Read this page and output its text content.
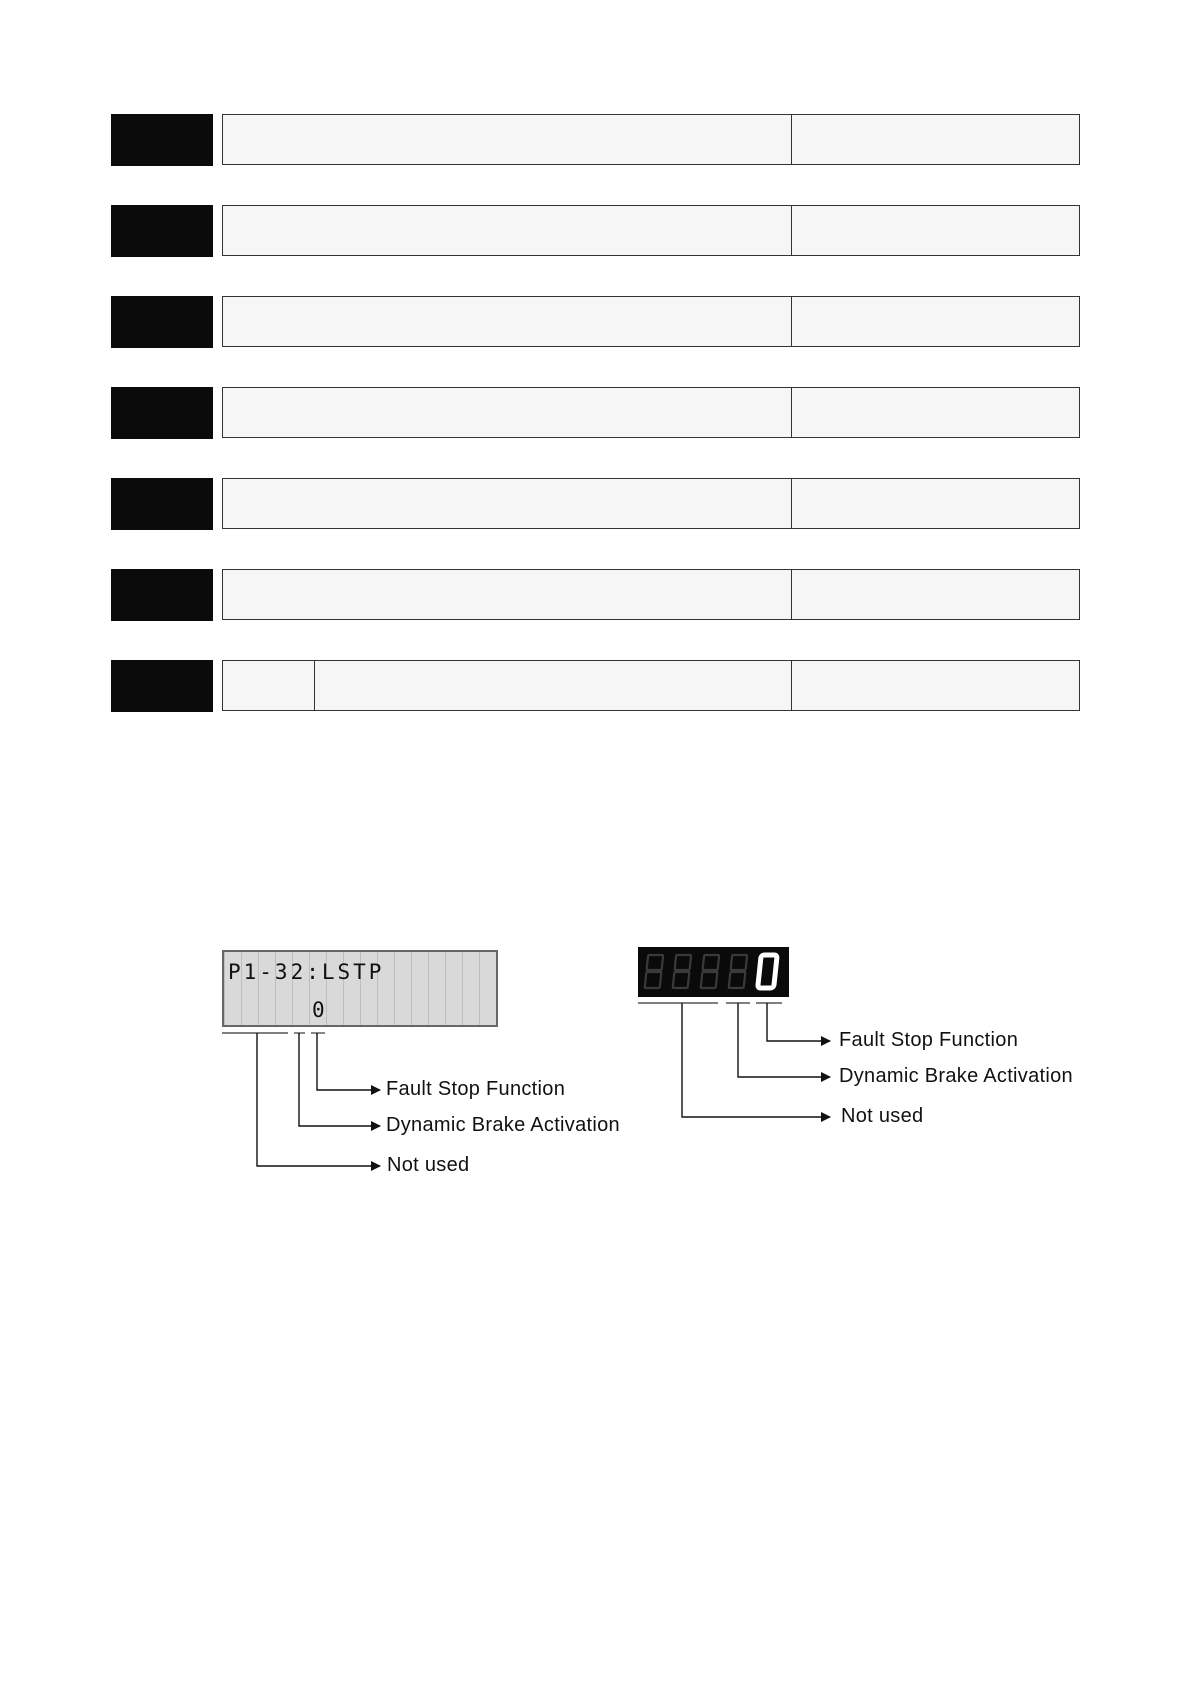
P1-32:LSTP
0
Fault Stop Function
Dynamic Brake Activation
Not used
Fault Stop Function
Dynamic Brake Activation
Not used
